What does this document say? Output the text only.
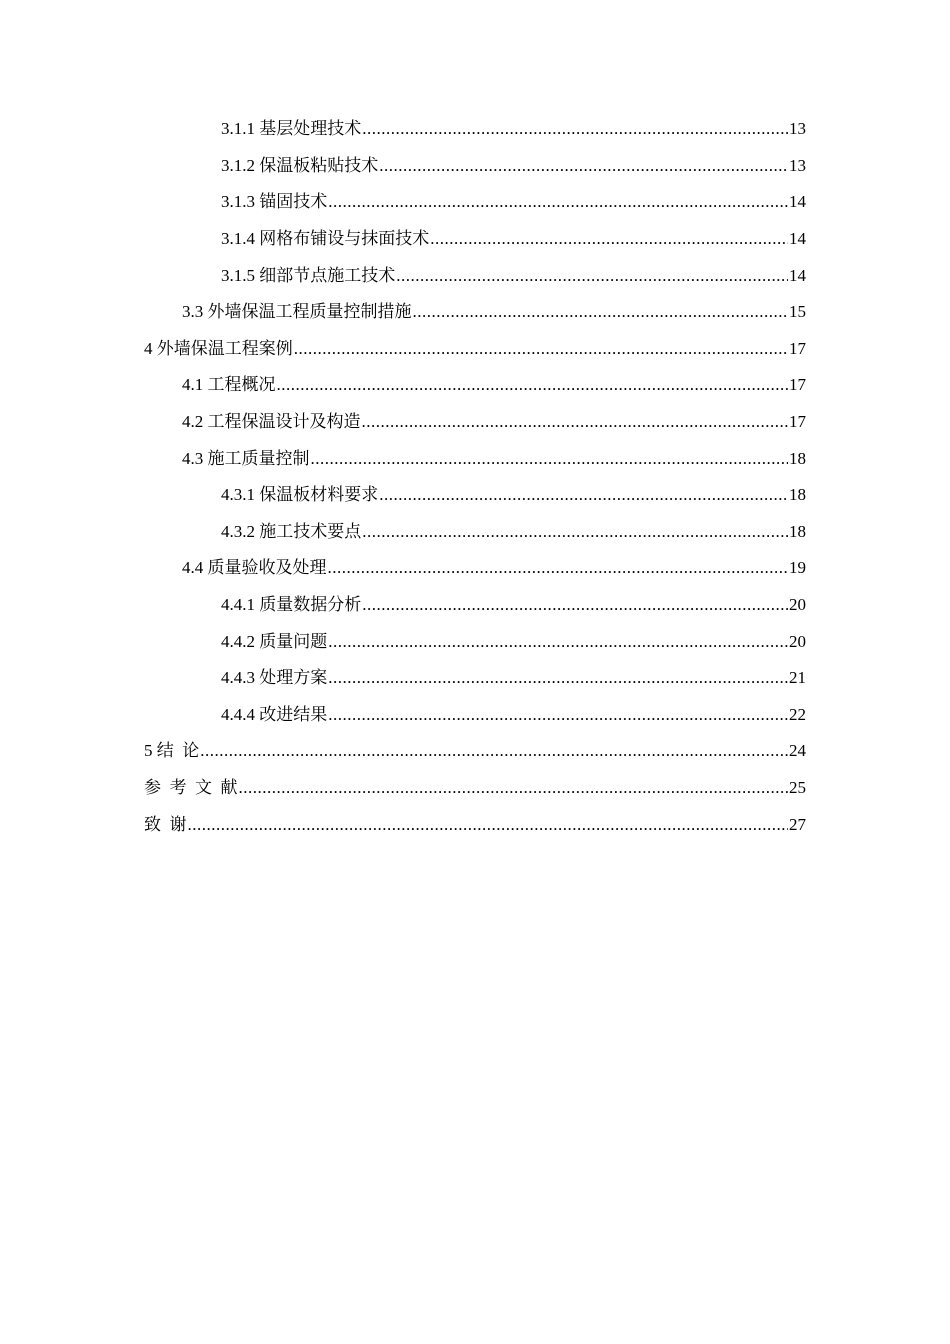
3.1.1 基层处理技术 .....	13
3.1.2 保温板粘贴技术 .....	13
3.1.3 锚固技术 .....	14
3.1.4 网格布铺设与抹面技术 .....	14
3.1.5 细部节点施工技术 .....	14
3.3 外墙保温工程质量控制措施 .....	15
4 外墙保温工程案例 .....	17
4.1 工程概况 .....	17
4.2 工程保温设计及构造 .....	17
4.3 施工质量控制 .....	18
4.3.1 保温板材料要求 .....	18
4.3.2 施工技术要点 .....	18
4.4 质量验收及处理 .....	19
4.4.1 质量数据分析 .....	20
4.4.2 质量问题 .....	20
4.4.3 处理方案 .....	21
4.4.4 改进结果 .....	22
5 结  论 .....	24
参  考  文  献 .....	25
致  谢 .....	27
